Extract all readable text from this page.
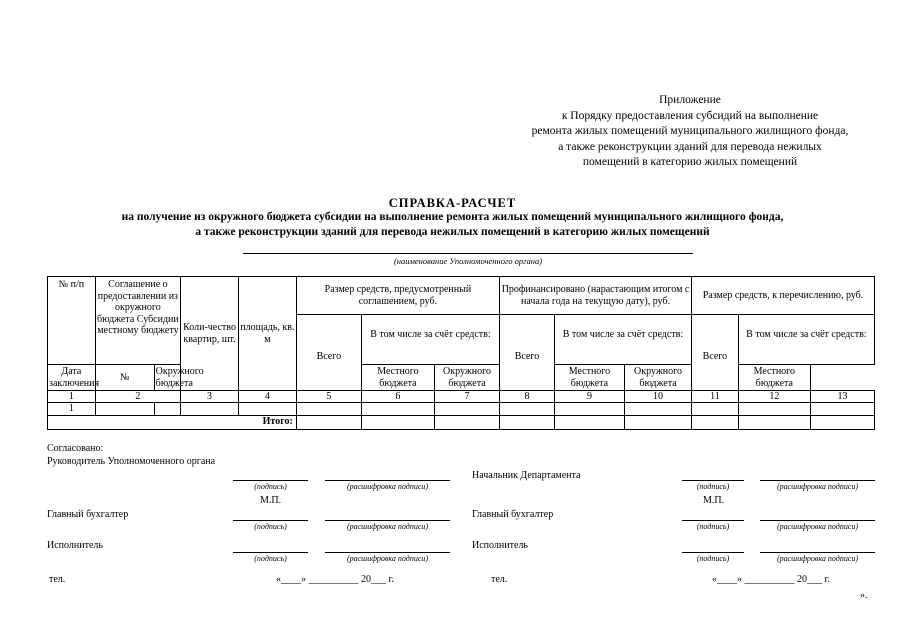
Приложение
к Порядку предоставления субсидий на выполнение
ремонта жилых помещений муниципального жилищного фонда,
а также реконструкции зданий для перевода нежилых
помещений в категорию жилых помещений
СПРАВКА-РАСЧЕТ
на получение из окружного бюджета субсидии на выполнение ремонта жилых помещений муниципального жилищного фонда,
а также реконструкции зданий для перевода нежилых помещений в категорию жилых помещений
(наименование Уполномоченного органа)
№ п/п	Соглашение о предоставлении из окружного бюджета Субсидии местному бюджету		Коли-чество квартир, шт.	площадь, кв. м	Размер средств, предусмотренный соглашением, руб.			Профинансировано (нарастающим итогом с начала года на текущую дату), руб.			Размер средств, к перечислению, руб.		
					Всего	В том числе за счёт средств:		Всего	В том числе за счёт средств:		Всего	В том числе за счёт средств:	
Дата заключения	№	Окружного бюджета				Местного бюджета	Окружного бюджета		Местного бюджета	Окружного бюджета		Местного бюджета	
1	2		3	4	5	6	7	8	9	10	11	12	13
1													
Итого:													
Согласовано:
Руководитель Уполномоченного органа
Начальник Департамента
(подпись)	(расшифровка подписи)	(подпись)	(расшифровка подписи)
М.П.	М.П.
Главный бухгалтер	Главный бухгалтер
(подпись)	(расшифровка подписи)	(подпись)	(расшифровка подписи)
Исполнитель	Исполнитель
(подпись)	(расшифровка подписи)	(подпись)	(расшифровка подписи)
тел.	«____» __________ 20___ г.	тел.	«____» __________ 20___ г.
».
